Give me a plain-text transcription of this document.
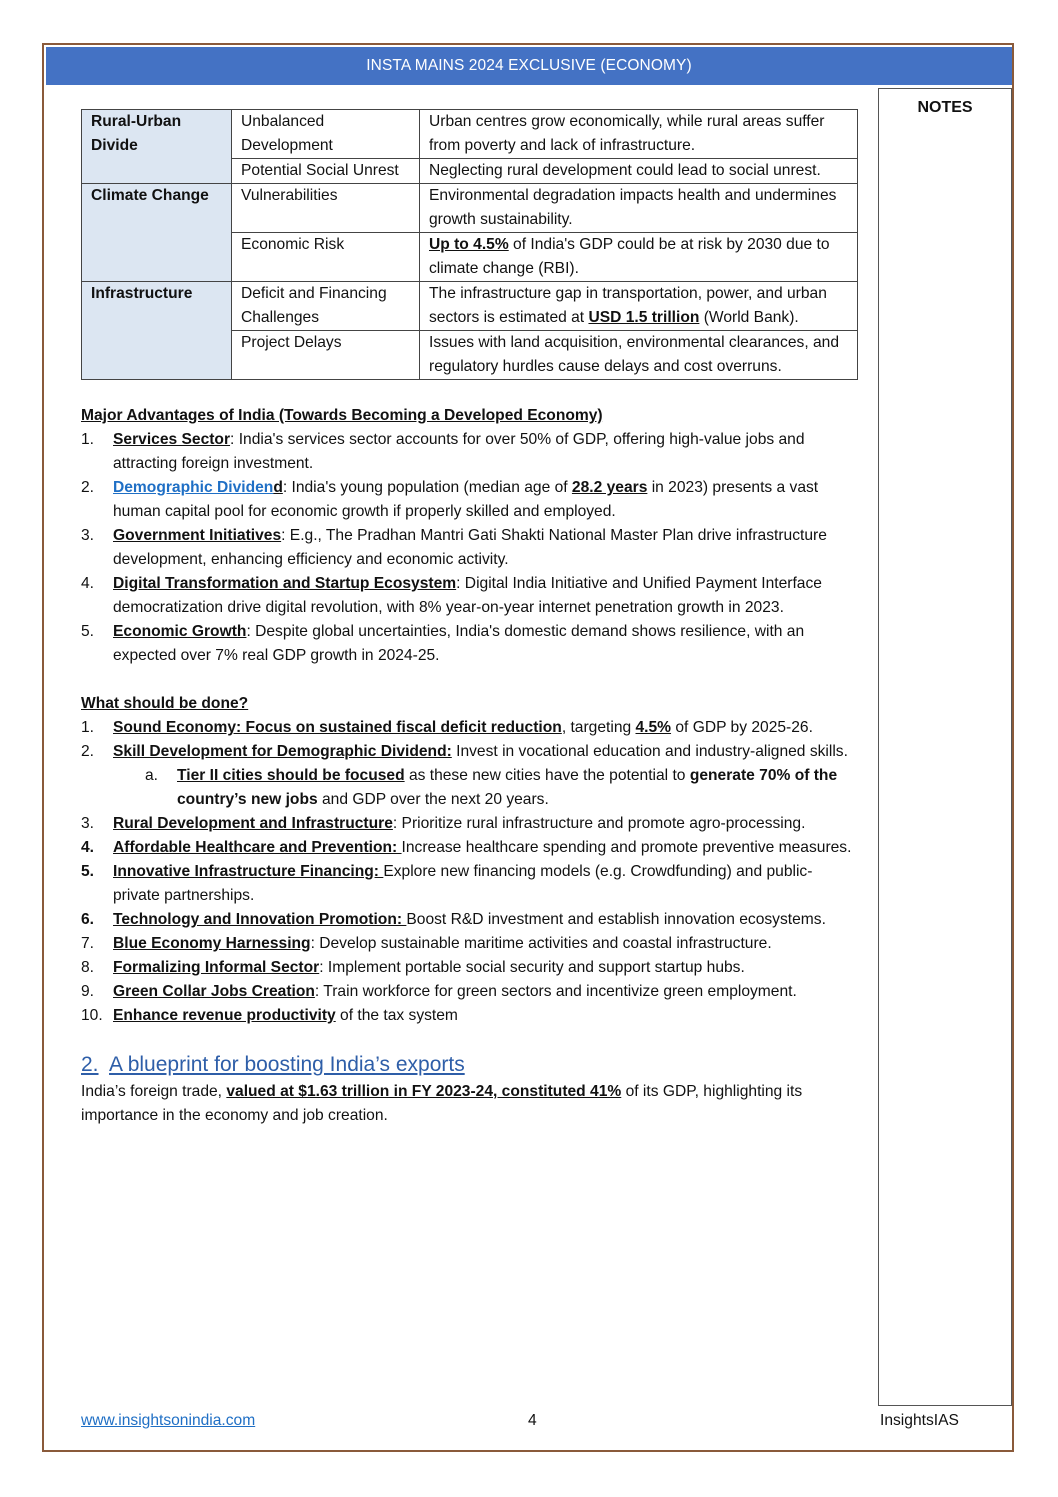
INSTA MAINS 2024 EXCLUSIVE (ECONOMY)
NOTES
Rural-Urban Divide	Unbalanced Development	Urban centres grow economically, while rural areas suffer from poverty and lack of infrastructure.
	Potential Social Unrest	Neglecting rural development could lead to social unrest.
Climate Change	Vulnerabilities	Environmental degradation impacts health and undermines growth sustainability.
	Economic Risk	Up to 4.5% of India's GDP could be at risk by 2030 due to climate change (RBI).
Infrastructure	Deficit and Financing Challenges	The infrastructure gap in transportation, power, and urban sectors is estimated at USD 1.5 trillion (World Bank).
	Project Delays	Issues with land acquisition, environmental clearances, and regulatory hurdles cause delays and cost overruns.
Major Advantages of India (Towards Becoming a Developed Economy)
1. Services Sector: India's services sector accounts for over 50% of GDP, offering high-value jobs and attracting foreign investment.
2. Demographic Dividend: India's young population (median age of 28.2 years in 2023) presents a vast human capital pool for economic growth if properly skilled and employed.
3. Government Initiatives: E.g., The Pradhan Mantri Gati Shakti National Master Plan drive infrastructure development, enhancing efficiency and economic activity.
4. Digital Transformation and Startup Ecosystem: Digital India Initiative and Unified Payment Interface democratization drive digital revolution, with 8% year-on-year internet penetration growth in 2023.
5. Economic Growth: Despite global uncertainties, India's domestic demand shows resilience, with an expected over 7% real GDP growth in 2024-25.
What should be done?
1. Sound Economy: Focus on sustained fiscal deficit reduction, targeting 4.5% of GDP by 2025-26.
2. Skill Development for Demographic Dividend: Invest in vocational education and industry-aligned skills.
a. Tier II cities should be focused as these new cities have the potential to generate 70% of the country’s new jobs and GDP over the next 20 years.
3. Rural Development and Infrastructure: Prioritize rural infrastructure and promote agro-processing.
4. Affordable Healthcare and Prevention: Increase healthcare spending and promote preventive measures.
5. Innovative Infrastructure Financing: Explore new financing models (e.g. Crowdfunding) and public-private partnerships.
6. Technology and Innovation Promotion: Boost R&D investment and establish innovation ecosystems.
7. Blue Economy Harnessing: Develop sustainable maritime activities and coastal infrastructure.
8. Formalizing Informal Sector: Implement portable social security and support startup hubs.
9. Green Collar Jobs Creation: Train workforce for green sectors and incentivize green employment.
10. Enhance revenue productivity of the tax system
2. A blueprint for boosting India’s exports
India’s foreign trade, valued at $1.63 trillion in FY 2023-24, constituted 41% of its GDP, highlighting its importance in the economy and job creation.
www.insightsonindia.com	4	InsightsIAS
